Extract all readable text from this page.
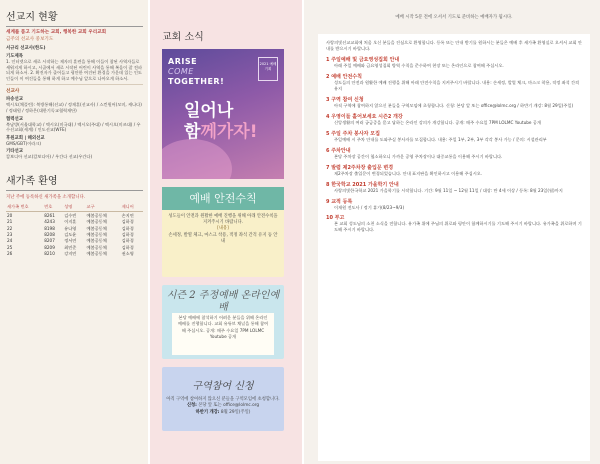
선교지 현황
세계를 품고 기도하는 교회, 행복한 교회 우리교회
금주의 선교사 중보기도
서규리 선교사(한도)
기도제목
1. 인터넷으로 새로 시작하는 제자의 훈련을 통해 이들이 참된 사역자들로 세워지게 하시고, 시골에서 새로 시작된 어린이 사역을 통해 복음이 잘 전파되게 하소서. 2. 확진자가 줄어들고 평안한 여건된 환경을 가운데 있는 인도인들이 이 여건들을 통해 하게 하고 예수님 앞으로 나아오게 하소서.
선교사
파송선교
엑시오(채플린): 북방통해(선교) / 정재훈(선교사) / 스킨원어(모미, 캐나다) / 정태원 / 정하은(대한기독교협력재단)
협력선교
북남방(서울대학교) / 엑시오(미국대) / 엑시오(주대) / 엑시오(미즈대) / 우수선교회(세계) / 인도선교(WFE)
후원교회 | 해외선교
GMS/GBT(이라크)
기타선교
캄보디아 선교(캄보디아) / 우간다 선교(우간다)
새가족 환영
지난 주에 등록하신 새가족을 소개합니다.
새가족 번호	번호	성명	교구	제니어
20	8261	김수빈	예봄공동체	손지연
21	4243	이지훈	예봄공동체	김하경
22	8198	유나영	예봄공동체	김하경
23	8208	김도윤	예봄공동체	김하경
24	8207	정서연	예봄공동체	김하경
25	8209	최민준	예봄공동체	김하경
26	8210	강지민	예봄공동체	권소영
교회 소식
ARISE
COME
TOGETHER!
2021 예배 기획
일어나
함께가자!
예배 안전수칙
성도들이 안전과 원활한 예배 진행을 위해 아래 안전수칙을 지켜주시기 바랍니다.
[내용]
손세정, 발열 체크, 마스크 착용, 적정 좌석 간격 유지 등 안내
시즌 2 주정예배 온라인예배
본당 예배에 참석하기 어려운 분들을 위해 온라인 예배를 진행합니다. 교회 유튜브 채널을 통해 참여해 주십시오. 공개: 매주 수요일 7PM LOLMC Youtube 공개
구역참여 신청
아직 구역에 참여하지 않으신 분들을 구역모임에 초청합니다.
신청: 본당 앞 또는 office@lolmc.org
하반기 개강: 8월 29일(주일)
예배 시작 5분 전에 오셔서 기도로 준비하는 예배자가 됩시다.
사랑의빛선교교회에 처음 오신 분들을 진심으로 환영합니다. 등록 또는 안내 받기를 원하시는 분들은 예배 후 새가족 환영실로 오셔서 교회 안내를 받으시기 바랍니다.
1 주일예배 및 금요영성집회 안내
아래 주일 예배와 금요영성집회 방역 수칙을 준수하여 현장 또는 온라인으로 참여해 주십시오.
2 예배 안전수칙
성도들의 안전과 원활한 예배 진행을 위해 아래 안전수칙을 지켜주시기 바랍니다. 내용: 손세정, 발열 체크, 마스크 착용, 적정 좌석 간격 유지
3 구역 참여 신청
아직 구역에 참여하지 않으신 분들을 구역모임에 초청합니다. 신청: 본당 앞 또는 office@lolmc.org / 하반기 개강: 8월 29일(주일)
4 우영이들 홀어보세요 시즌2 개강
신앙생활의 여러 궁금증을 묻고 답하는 온라인 강의가 개강합니다. 공개: 매주 수요일 7PM LOLMC Youtube 공개
5 주일 주차 봉사자 모집
주일예배 시 주차 안내를 도와주실 봉사자를 모집합니다. 내용: 주일 1부, 2부, 3부 각각 봉사 가능 / 문의: 시설관리부
6 주차안내
본당 주차장 공간이 협소하오니 가까운 공영 주차장이나 대중교통을 이용해 주시기 바랍니다.
7 발렴 제2주차장 출입문 변경
제2주차장 출입문이 변경되었습니다. 안내 표지판을 확인하시고 이용해 주십시오.
8 한국학교 2021 가을학기 안내
사랑의빛한국학교 2021 가을학기를 시작합니다. 기간: 9월 11일 ~ 12월 11일 / 대상: 만 4세 이상 / 등록: 8월 23일(월)까지
9 교적 등록
이재원 전도사 / 정기 휴가(8/23~9/3)
10 부고
본 교회 성도님의 소천 소식을 전합니다. 유가족 위에 주님의 위로와 평안이 함께하시기를 기도해 주시기 바랍니다. 유가족을 위로하며 기도해 주시기 바랍니다.
